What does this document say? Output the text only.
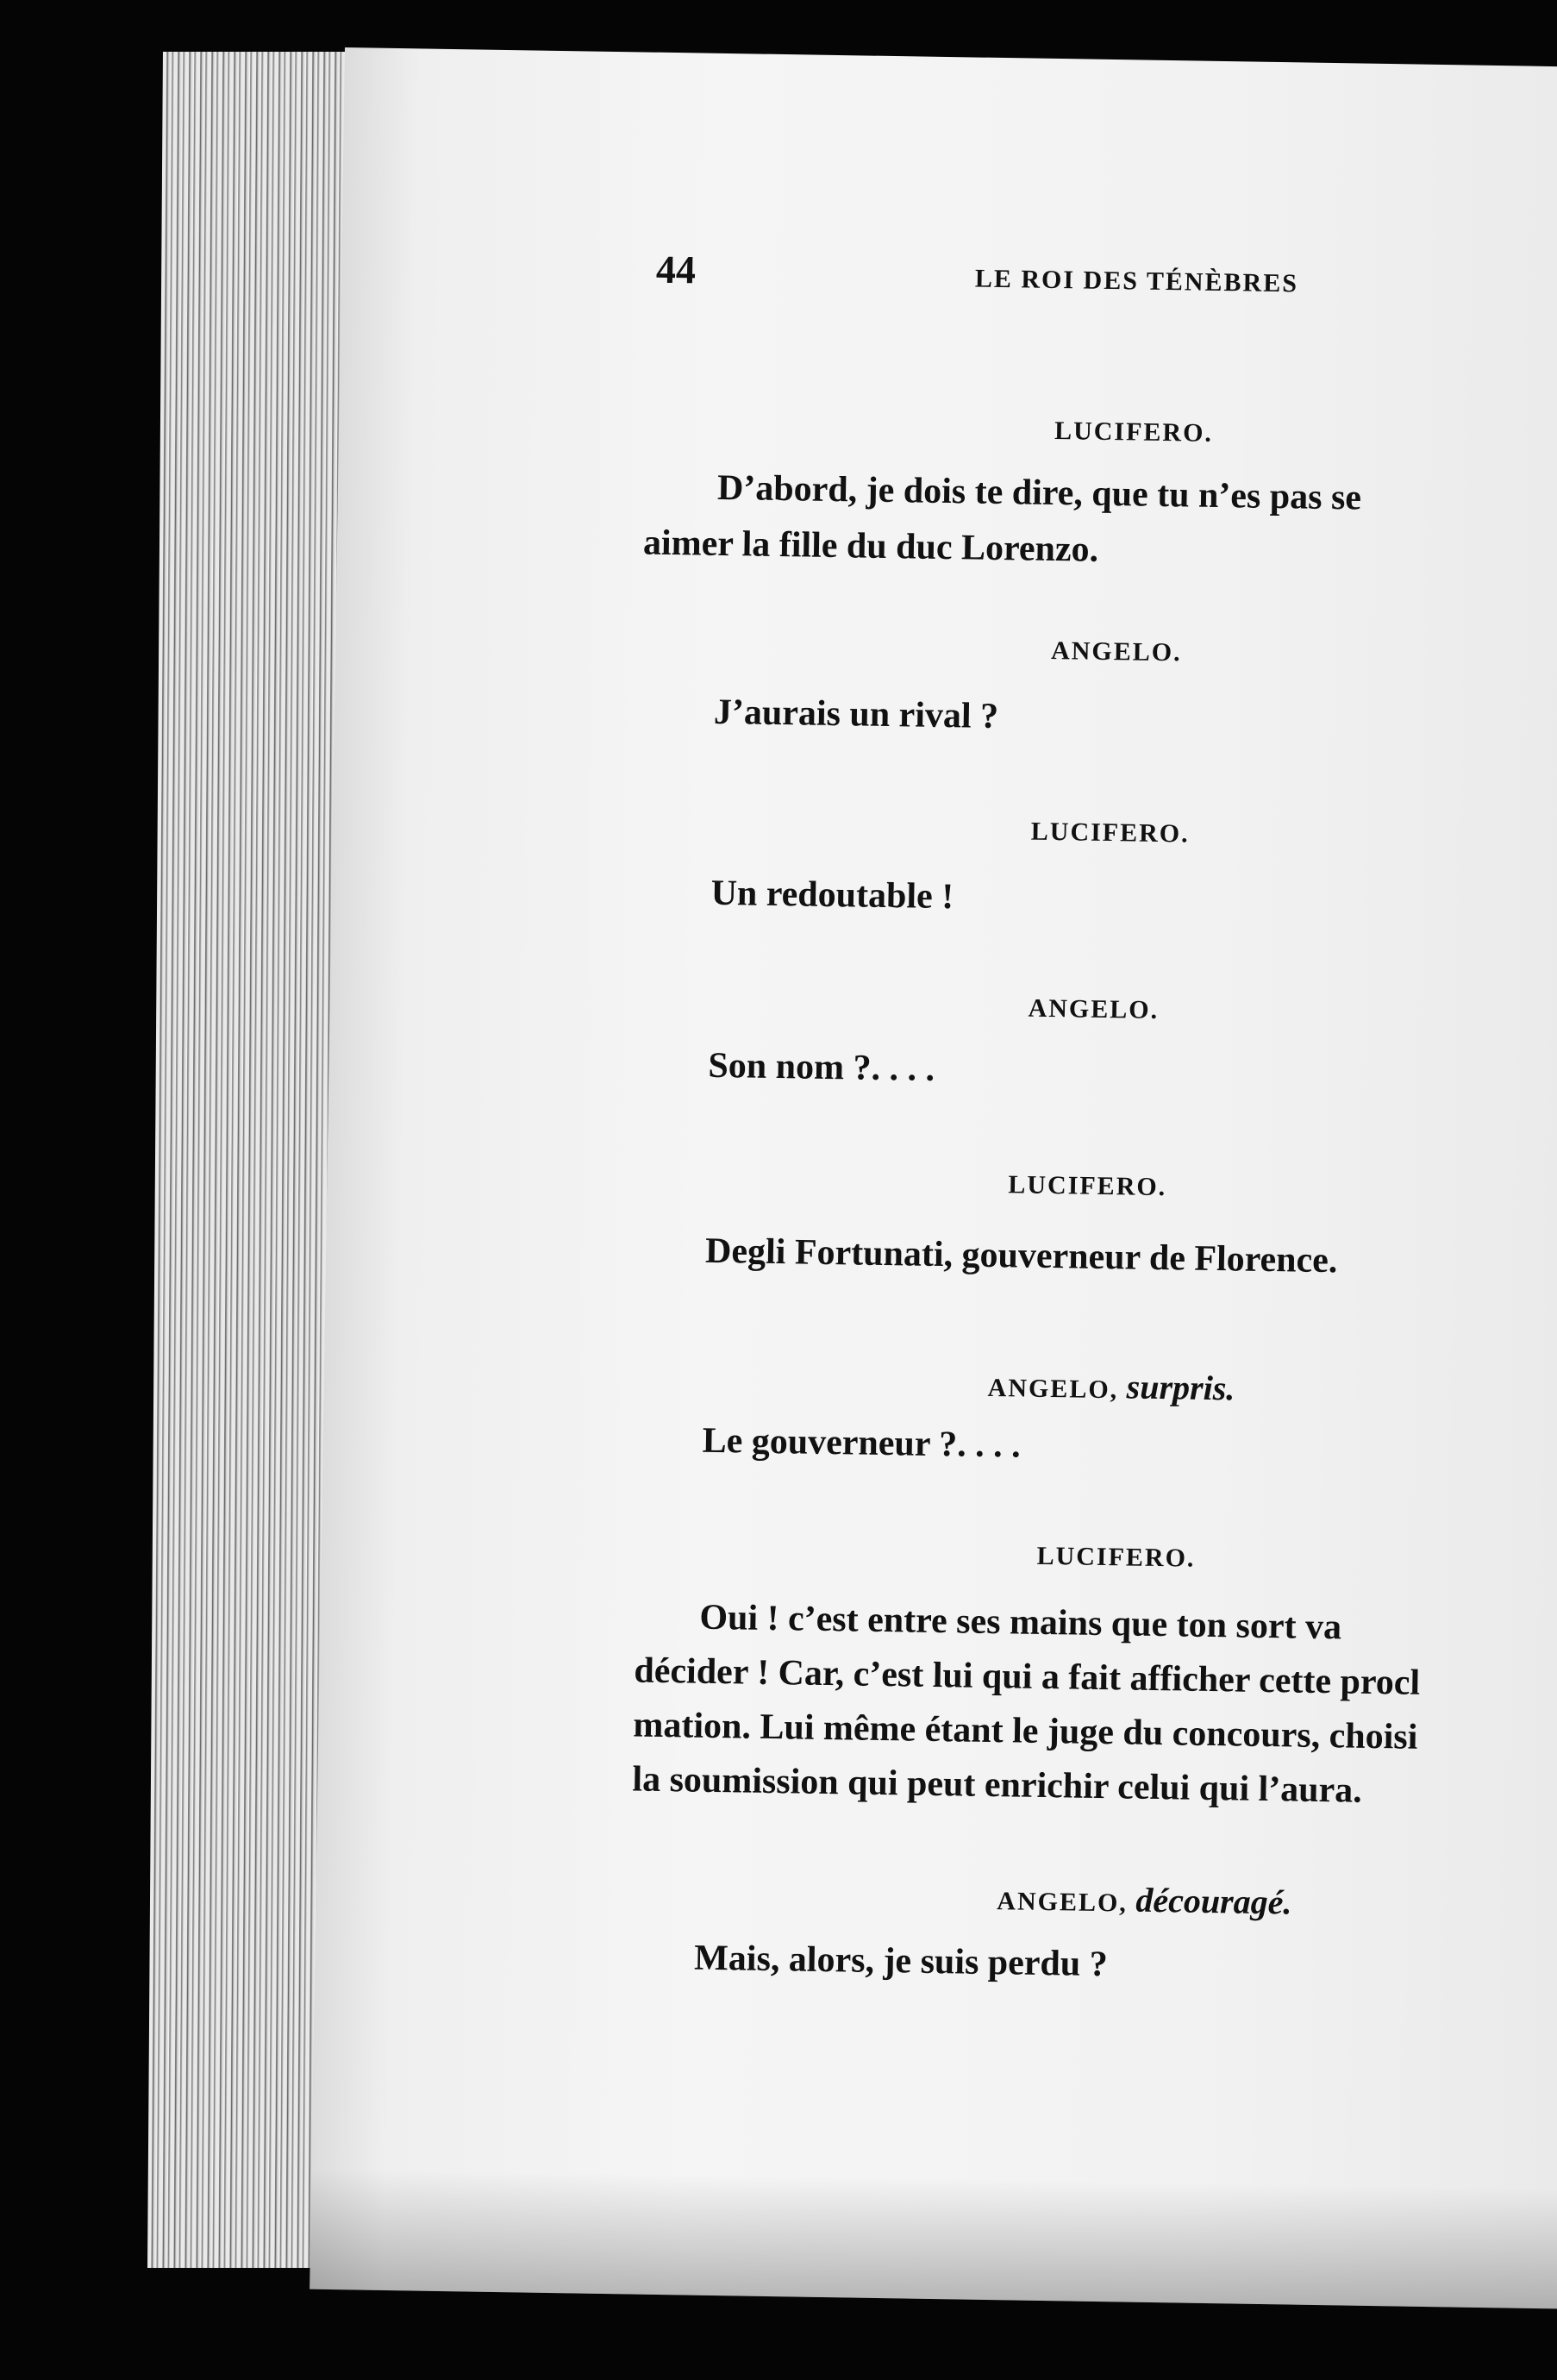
44	LE ROI DES TÉNÈBRES
LUCIFERO.
D’abord, je dois te dire, que tu n’es pas se
aimer la fille du duc Lorenzo.
ANGELO.
J’aurais un rival ?
LUCIFERO.
Un redoutable !
ANGELO.
Son nom ?. . . .
LUCIFERO.
Degli Fortunati, gouverneur de Florence.
ANGELO, surpris.
Le gouverneur ?. . . .
LUCIFERO.
Oui ! c’est entre ses mains que ton sort va
décider ! Car, c’est lui qui a fait afficher cette procl
mation. Lui même étant le juge du concours, choisi
la soumission qui peut enrichir celui qui l’aura.
ANGELO, découragé.
Mais, alors, je suis perdu ?
